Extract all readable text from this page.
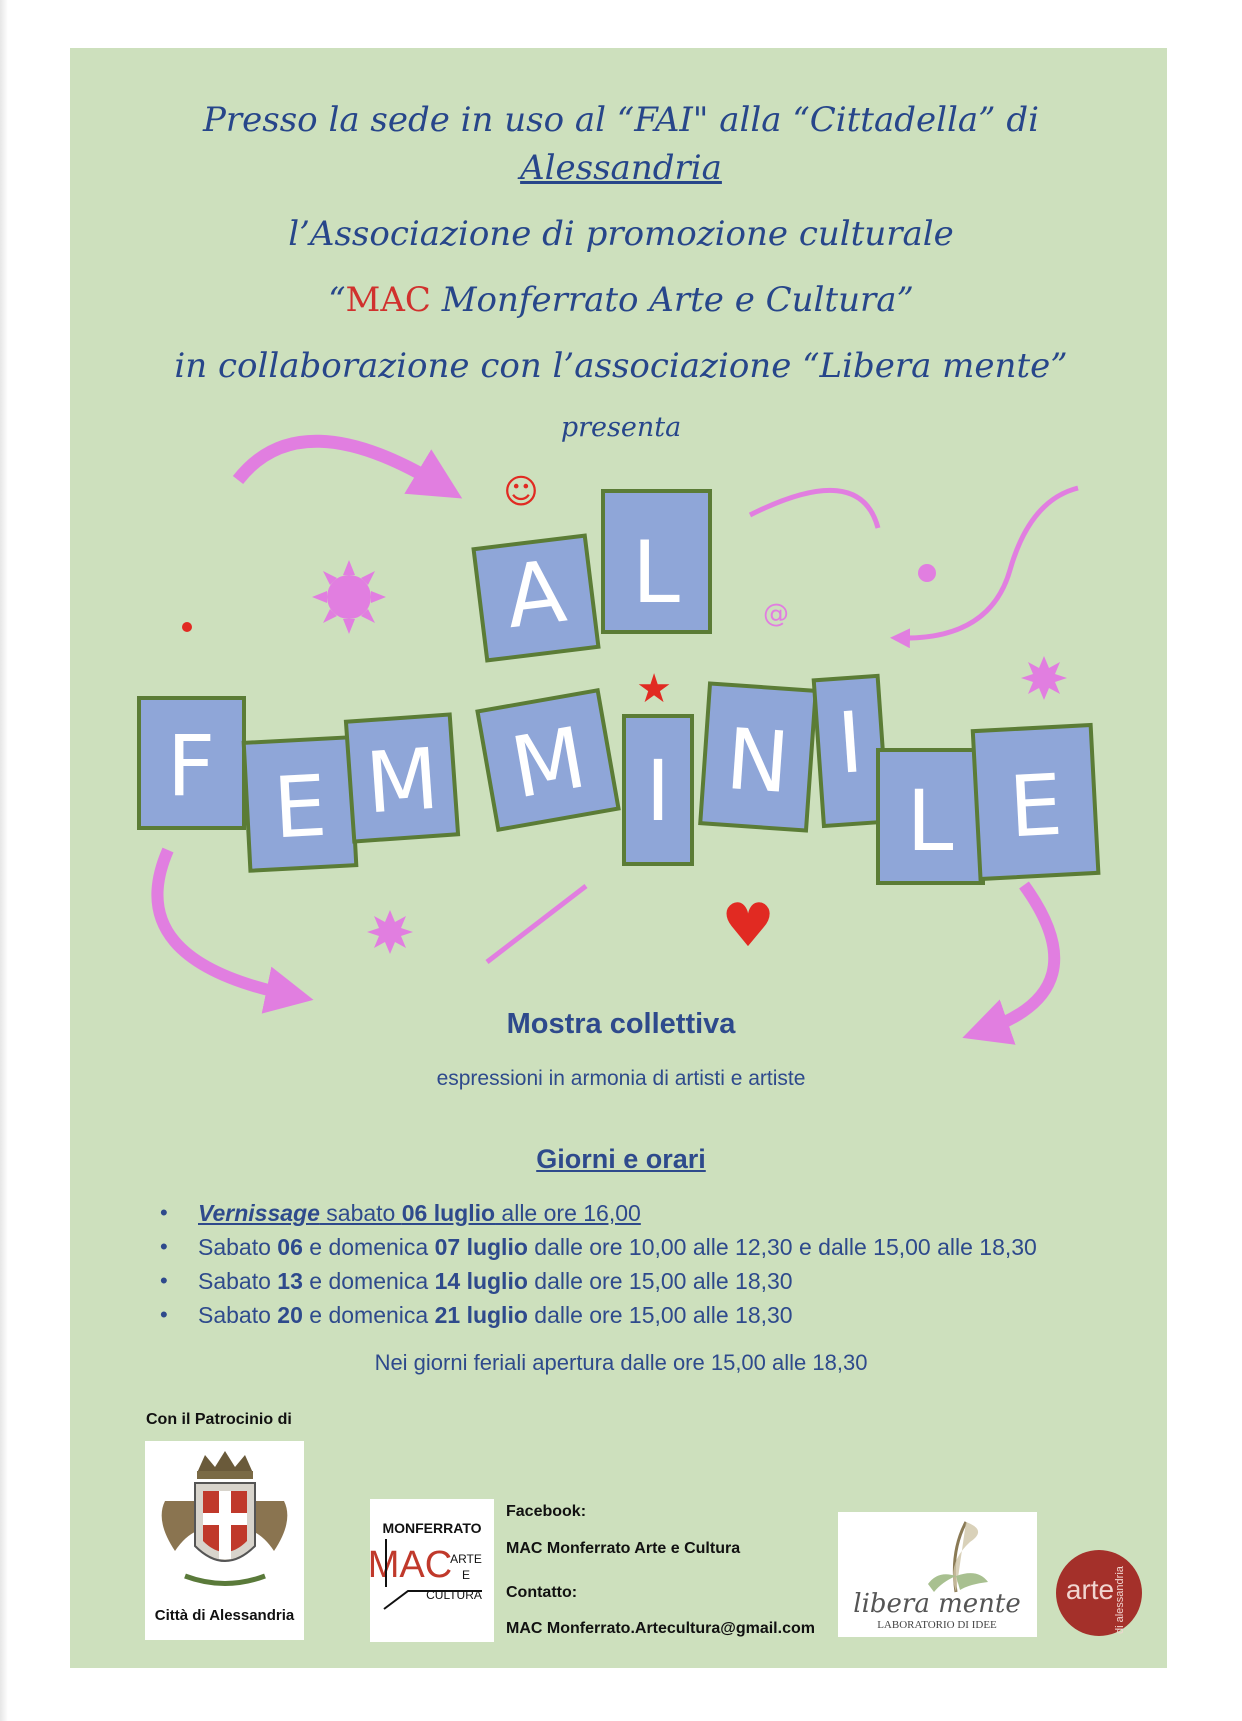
Presso la sede in uso al “FAI" alla “Cittadella” di
Alessandria
l’Associazione di promozione culturale
“MAC Monferrato Arte e Cultura”
in collaborazione con l’associazione “Libera mente”
presenta
A L
F E M M I N I
L E
☺
@
★
♥
Mostra collettiva
espressioni in armonia di artisti e artiste
Giorni e orari
• Vernissage sabato 06 luglio alle ore 16,00
• Sabato 06 e domenica 07 luglio dalle ore 10,00 alle 12,30 e dalle 15,00 alle 18,30
• Sabato 13 e domenica 14 luglio dalle ore 15,00 alle 18,30
• Sabato 20 e domenica 21 luglio dalle ore 15,00 alle 18,30
Nei giorni feriali apertura dalle ore 15,00 alle 18,30
Con il Patrocinio di
Città di Alessandria
MONFERRATO
MAC
ARTE
E
CULTURA
Facebook:
MAC Monferrato Arte e Cultura
Contatto:
MAC Monferrato.Artecultura@gmail.com
libera mente
LABORATORIO DI IDEE
arte di alessandria
